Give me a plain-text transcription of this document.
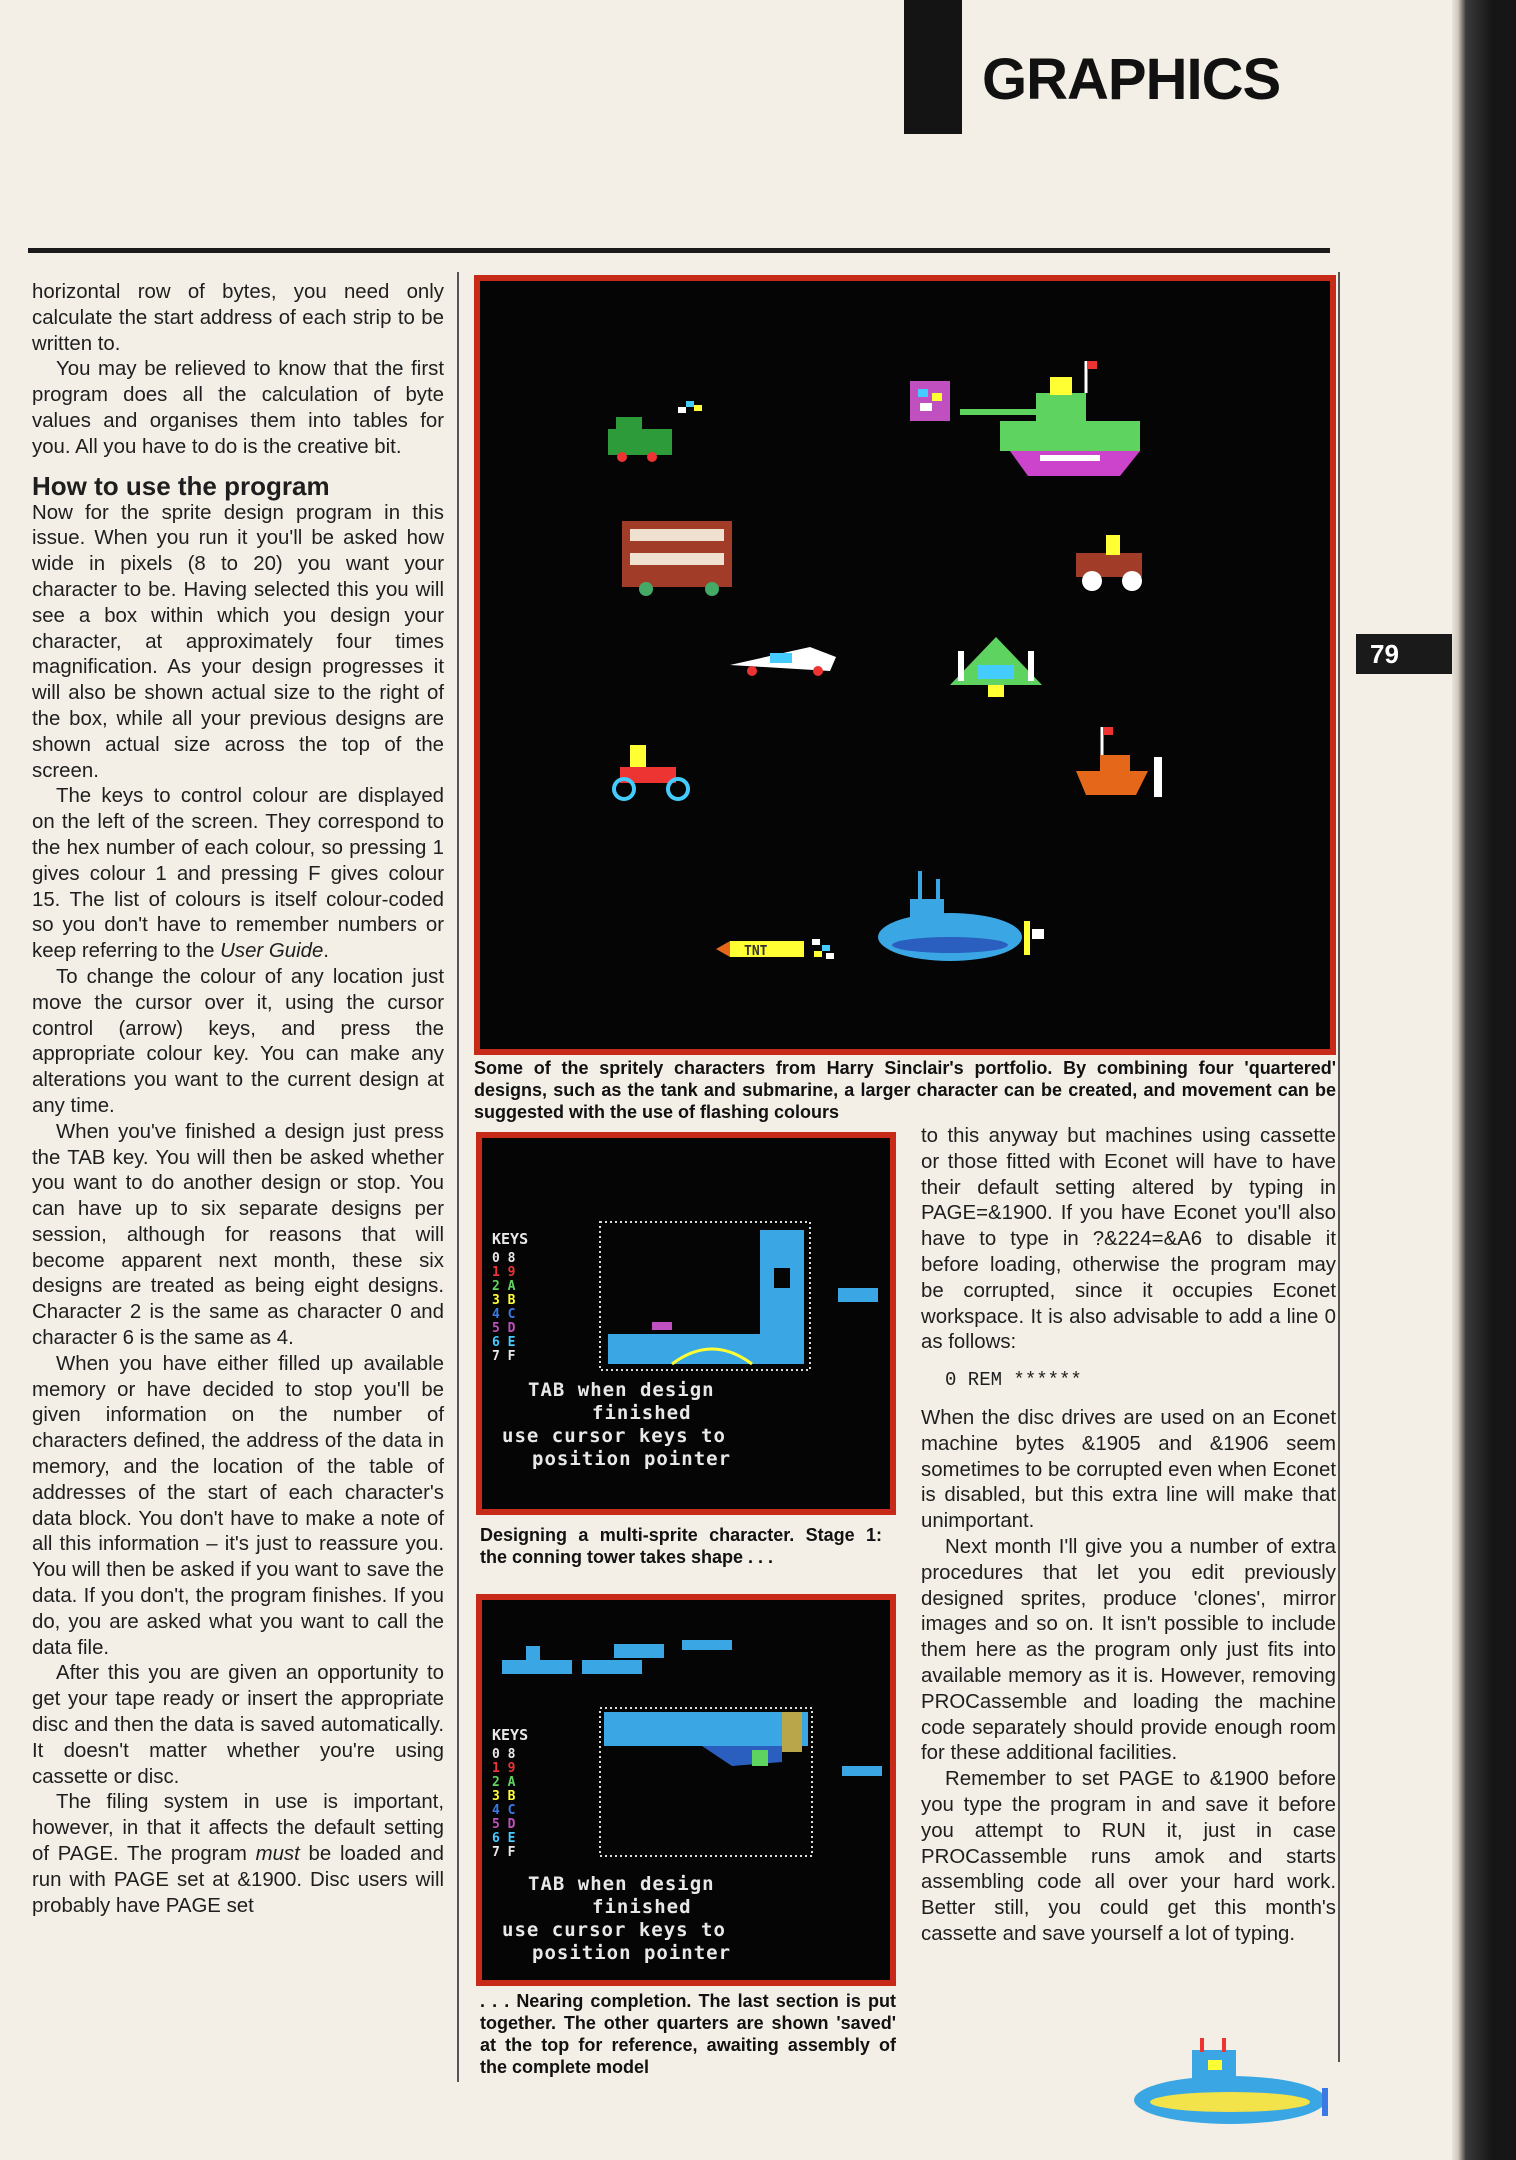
GRAPHICS

horizontal row of bytes, you need only calculate the start address of each strip to be written to.

You may be relieved to know that the first program does all the calculation of byte values and organises them into tables for you. All you have to do is the creative bit.

How to use the program

Now for the sprite design program in this issue. When you run it you'll be asked how wide in pixels (8 to 20) you want your character to be. Having selected this you will see a box within which you design your character, at approximately four times magnification. As your design progresses it will also be shown actual size to the right of the box, while all your previous designs are shown actual size across the top of the screen.

The keys to control colour are displayed on the left of the screen. They correspond to the hex number of each colour, so pressing 1 gives colour 1 and pressing F gives colour 15. The list of colours is itself colour-coded so you don't have to remember numbers or keep referring to the User Guide.

To change the colour of any location just move the cursor over it, using the cursor control (arrow) keys, and press the appropriate colour key. You can make any alterations you want to the current design at any time.

When you've finished a design just press the TAB key. You will then be asked whether you want to do another design or stop. You can have up to six separate designs per session, although for reasons that will become apparent next month, these six designs are treated as being eight designs. Character 2 is the same as character 0 and character 6 is the same as 4.

When you have either filled up available memory or have decided to stop you'll be given information on the number of characters defined, the address of the data in memory, and the location of the table of addresses of the start of each character's data block. You don't have to make a note of all this information – it's just to reassure you. You will then be asked if you want to save the data. If you don't, the program finishes. If you do, you are asked what you want to call the data file.

After this you are given an opportunity to get your tape ready or insert the appropriate disc and then the data is saved automatically. It doesn't matter whether you're using cassette or disc.

The filing system in use is important, however, in that it affects the default setting of PAGE. The program must be loaded and run with PAGE set at &1900. Disc users will probably have PAGE set

TNT
Some of the spritely characters from Harry Sinclair's portfolio. By combining four 'quartered' designs, such as the tank and submarine, a larger character can be created, and movement can be suggested with the use of flashing colours
KEYS
0 8
1 9
2 A
3 B
4 C
5 D
6 E
7 F
TAB when design
finished
use cursor keys to
position pointer
Designing a multi-sprite character. Stage 1: the conning tower takes shape . . .
KEYS
0 8
1 9
2 A
3 B
4 C
5 D
6 E
7 F
TAB when design
finished
use cursor keys to
position pointer
. . . Nearing completion. The last section is put together. The other quarters are shown 'saved' at the top for reference, awaiting assembly of the complete model

to this anyway but machines using cassette or those fitted with Econet will have to have their default setting altered by typing in PAGE=&1900. If you have Econet you'll also have to type in ?&224=&A6 to disable it before loading, otherwise the program may be corrupted, since it occupies Econet workspace. It is also advisable to add a line 0 as follows:

0 REM ******

When the disc drives are used on an Econet machine bytes &1905 and &1906 seem sometimes to be corrupted even when Econet is disabled, but this extra line will make that unimportant.

Next month I'll give you a number of extra procedures that let you edit previously designed sprites, produce 'clones', mirror images and so on. It isn't possible to include them here as the program only just fits into available memory as it is. However, removing PROCassemble and loading the machine code separately should provide enough room for these additional facilities.

Remember to set PAGE to &1900 before you type the program in and save it before you attempt to RUN it, just in case PROCassemble runs amok and starts assembling code all over your hard work. Better still, you could get this month's cassette and save yourself a lot of typing.

79
